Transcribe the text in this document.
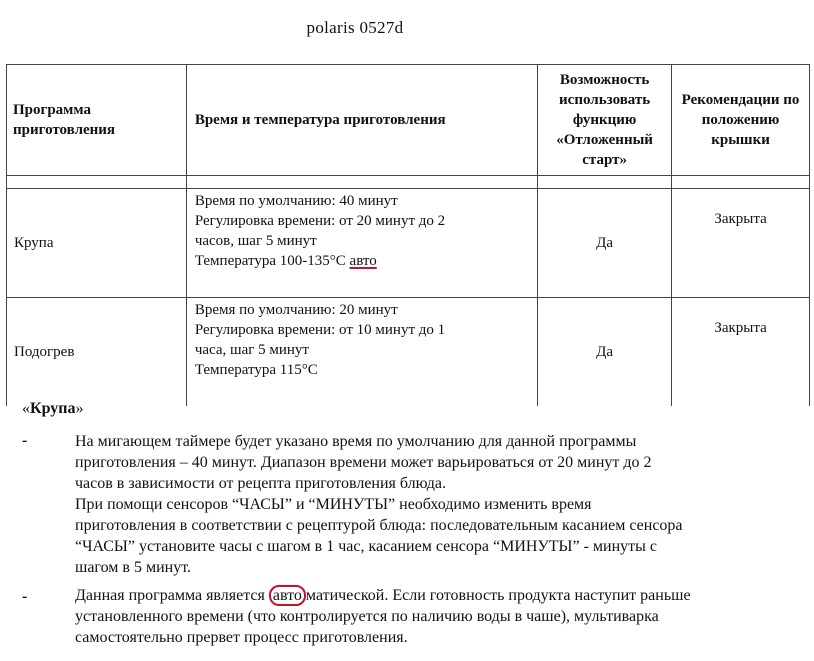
polaris 0527d
Программа приготовления	Время и температура приготовления	Возможность использовать функцию «Отложенный старт»	Рекомендации по положению крышки

Крупа	Время по умолчанию: 40 минут
Регулировка времени: от 20 минут до 2
часов, шаг 5 минут
Температура 100-135°С авто	Да	Закрыта
Подогрев	Время по умолчанию: 20 минут
Регулировка времени: от 10 минут до 1
часа, шаг 5 минут
Температура 115°С	Да	Закрыта
«Крупа»
-	На мигающем таймере будет указано время по умолчанию для данной программы
приготовления – 40 минут. Диапазон времени может варьироваться от 20 минут до 2
часов в зависимости от рецепта приготовления блюда.
При помощи сенсоров “ЧАСЫ” и “МИНУТЫ” необходимо изменить время
приготовления в соответствии с рецептурой блюда: последовательным касанием сенсора
“ЧАСЫ” установите часы с шагом в 1 час, касанием сенсора “МИНУТЫ” - минуты с
шагом в 5 минут.
-	Данная программа является авто матической. Если готовность продукта наступит раньше
установленного времени (что контролируется по наличию воды в чаше), мультиварка
самостоятельно прервет процесс приготовления.
